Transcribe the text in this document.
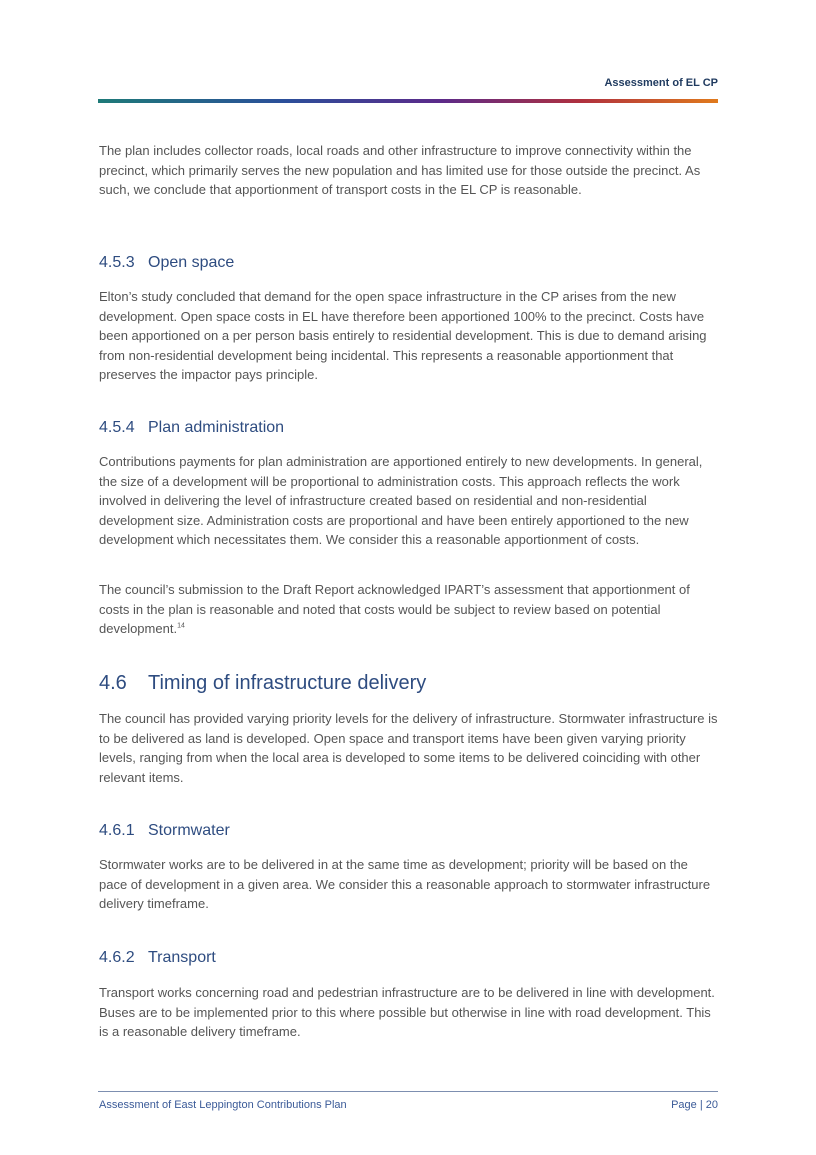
Assessment of EL CP

The plan includes collector roads, local roads and other infrastructure to improve connectivity within the precinct, which primarily serves the new population and has limited use for those outside the precinct. As such, we conclude that apportionment of transport costs in the EL CP is reasonable.

4.5.3 Open space

Elton’s study concluded that demand for the open space infrastructure in the CP arises from the new development. Open space costs in EL have therefore been apportioned 100% to the precinct. Costs have been apportioned on a per person basis entirely to residential development. This is due to demand arising from non-residential development being incidental. This represents a reasonable apportionment that preserves the impactor pays principle.

4.5.4 Plan administration

Contributions payments for plan administration are apportioned entirely to new developments. In general, the size of a development will be proportional to administration costs. This approach reflects the work involved in delivering the level of infrastructure created based on residential and non-residential development size. Administration costs are proportional and have been entirely apportioned to the new development which necessitates them. We consider this a reasonable apportionment of costs.

The council’s submission to the Draft Report acknowledged IPART’s assessment that apportionment of costs in the plan is reasonable and noted that costs would be subject to review based on potential development.$^{14}$

4.6 Timing of infrastructure delivery

The council has provided varying priority levels for the delivery of infrastructure. Stormwater infrastructure is to be delivered as land is developed. Open space and transport items have been given varying priority levels, ranging from when the local area is developed to some items to be delivered coinciding with other relevant items.

4.6.1 Stormwater

Stormwater works are to be delivered in at the same time as development; priority will be based on the pace of development in a given area. We consider this a reasonable approach to stormwater infrastructure delivery timeframe.

4.6.2 Transport

Transport works concerning road and pedestrian infrastructure are to be delivered in line with development. Buses are to be implemented prior to this where possible but otherwise in line with road development. This is a reasonable delivery timeframe.

Assessment of East Leppington Contributions Plan	Page | 20
